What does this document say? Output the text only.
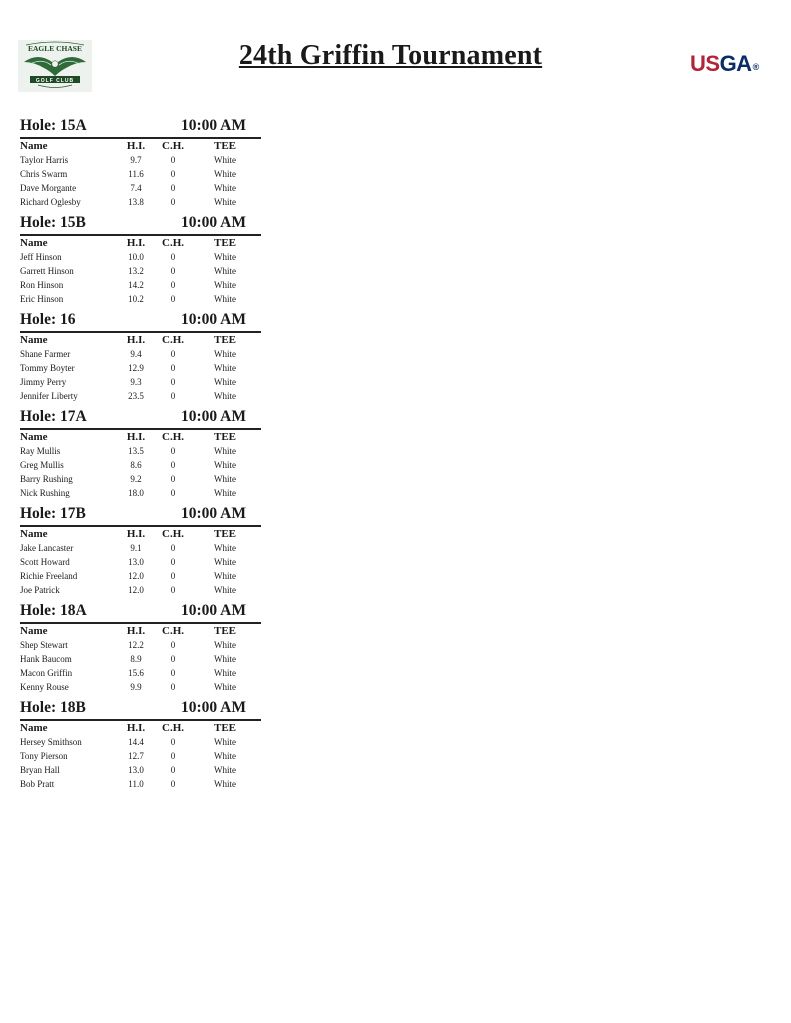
EAGLE CHASE
GOLF CLUB
24th Griffin Tournament	USGA®
Hole: 15A	10:00 AM
Name	H.I.	C.H.	TEE
Taylor Harris	9.7	0	White
Chris Swarm	11.6	0	White
Dave Morgante	7.4	0	White
Richard Oglesby	13.8	0	White
Hole: 15B	10:00 AM
Name	H.I.	C.H.	TEE
Jeff Hinson	10.0	0	White
Garrett Hinson	13.2	0	White
Ron Hinson	14.2	0	White
Eric Hinson	10.2	0	White
Hole: 16	10:00 AM
Name	H.I.	C.H.	TEE
Shane Farmer	9.4	0	White
Tommy Boyter	12.9	0	White
Jimmy Perry	9.3	0	White
Jennifer Liberty	23.5	0	White
Hole: 17A	10:00 AM
Name	H.I.	C.H.	TEE
Ray Mullis	13.5	0	White
Greg Mullis	8.6	0	White
Barry Rushing	9.2	0	White
Nick Rushing	18.0	0	White
Hole: 17B	10:00 AM
Name	H.I.	C.H.	TEE
Jake Lancaster	9.1	0	White
Scott Howard	13.0	0	White
Richie Freeland	12.0	0	White
Joe Patrick	12.0	0	White
Hole: 18A	10:00 AM
Name	H.I.	C.H.	TEE
Shep Stewart	12.2	0	White
Hank Baucom	8.9	0	White
Macon Griffin	15.6	0	White
Kenny Rouse	9.9	0	White
Hole: 18B	10:00 AM
Name	H.I.	C.H.	TEE
Hersey Smithson	14.4	0	White
Tony Pierson	12.7	0	White
Bryan Hall	13.0	0	White
Bob Pratt	11.0	0	White
